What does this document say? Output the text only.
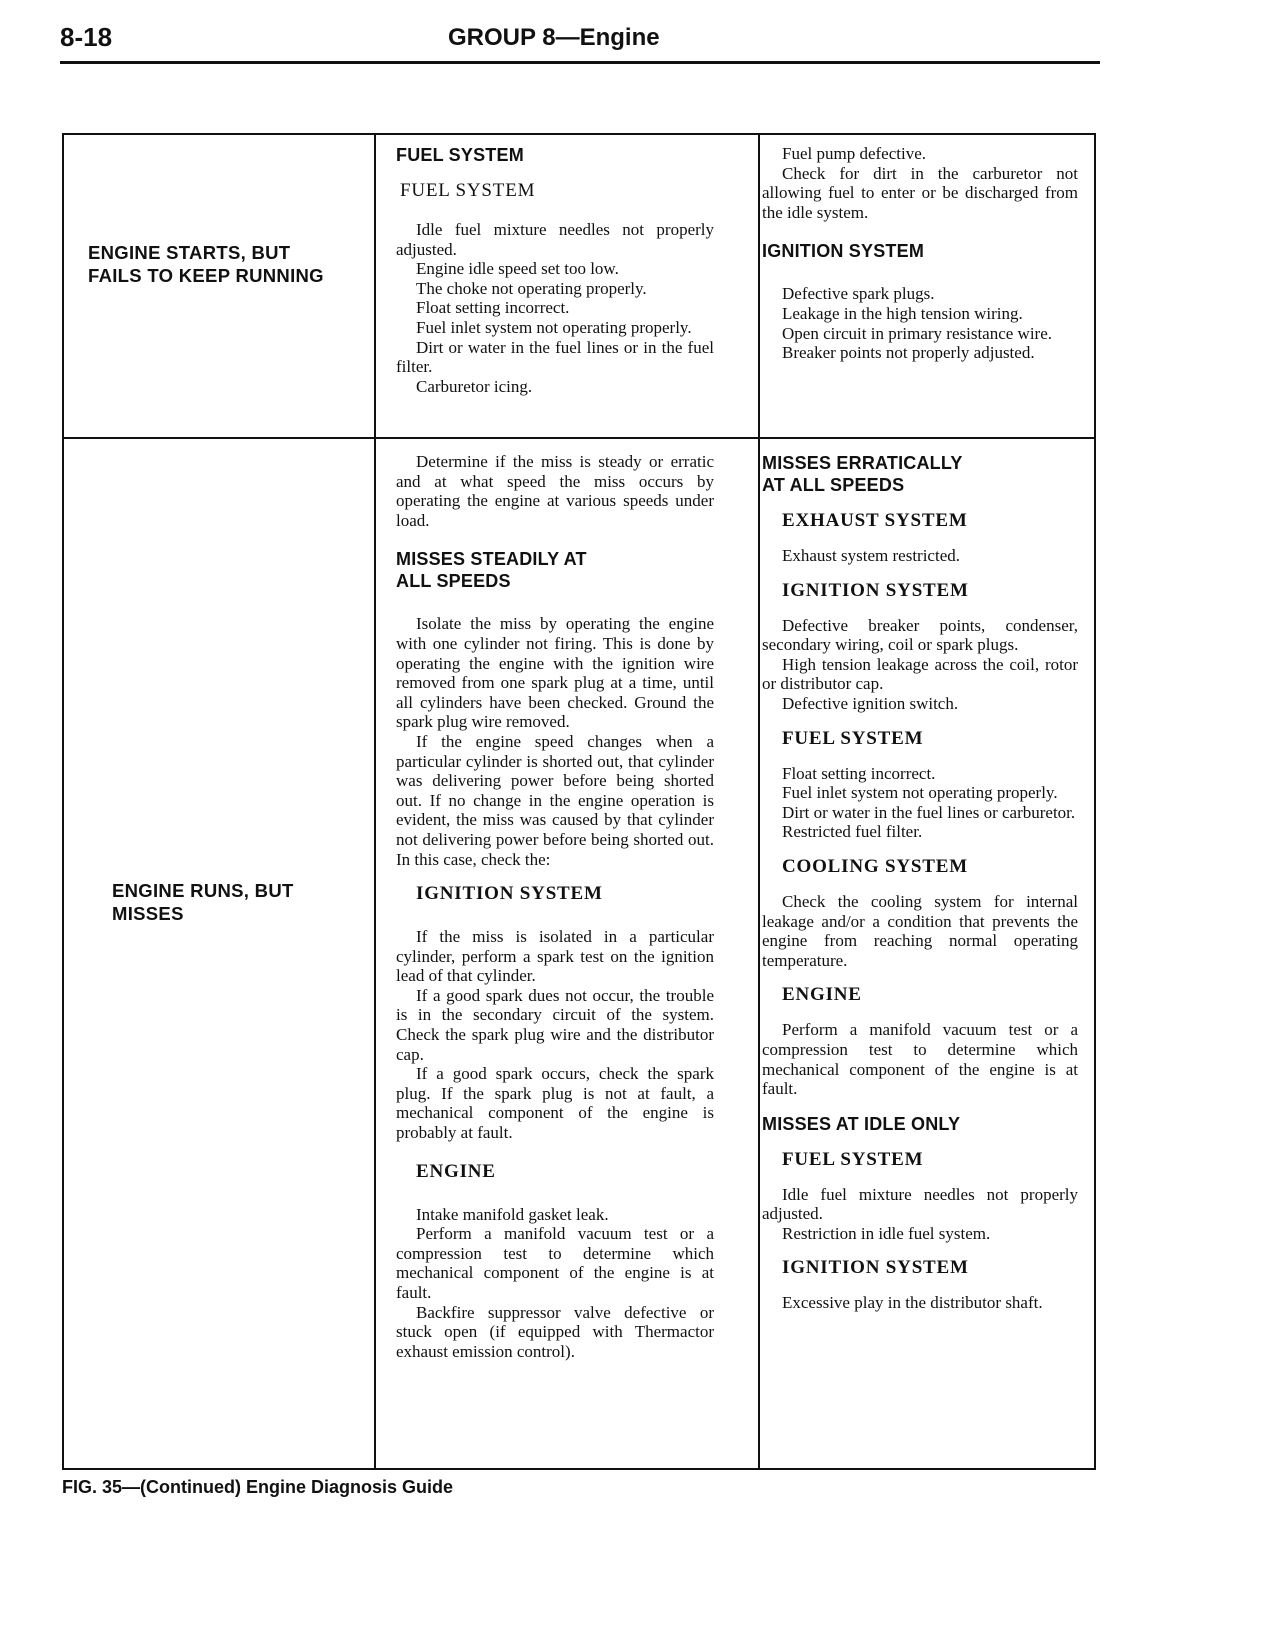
8-18	GROUP 8—Engine
ENGINE STARTS, BUT
FAILS TO KEEP RUNNING
FUEL SYSTEM
FUEL SYSTEM

Idle fuel mixture needles not properly adjusted.

Engine idle speed set too low.

The choke not operating properly.

Float setting incorrect.

Fuel inlet system not operating properly.

Dirt or water in the fuel lines or in the fuel filter.

Carburetor icing.

Fuel pump defective.

Check for dirt in the carburetor not allowing fuel to enter or be discharged from the idle system.

IGNITION SYSTEM

Defective spark plugs.

Leakage in the high tension wiring.

Open circuit in primary resistance wire.

Breaker points not properly adjusted.

ENGINE RUNS, BUT
MISSES

Determine if the miss is steady or erratic and at what speed the miss occurs by operating the engine at various speeds under load.

MISSES STEADILY AT ALL SPEEDS

Isolate the miss by operating the engine with one cylinder not firing. This is done by operating the engine with the ignition wire removed from one spark plug at a time, until all cylinders have been checked. Ground the spark plug wire removed.

If the engine speed changes when a particular cylinder is shorted out, that cylinder was delivering power before being shorted out. If no change in the engine operation is evident, the miss was caused by that cylinder not delivering power before being shorted out. In this case, check the:

IGNITION SYSTEM

If the miss is isolated in a particular cylinder, perform a spark test on the ignition lead of that cylinder.

If a good spark dues not occur, the trouble is in the secondary circuit of the system. Check the spark plug wire and the distributor cap.

If a good spark occurs, check the spark plug. If the spark plug is not at fault, a mechanical component of the engine is probably at fault.

ENGINE

Intake manifold gasket leak.

Perform a manifold vacuum test or a compression test to determine which mechanical component of the engine is at fault.

Backfire suppressor valve defective or stuck open (if equipped with Thermactor exhaust emission control).

MISSES ERRATICALLY AT ALL SPEEDS
EXHAUST SYSTEM

Exhaust system restricted.

IGNITION SYSTEM

Defective breaker points, condenser, secondary wiring, coil or spark plugs.

High tension leakage across the coil, rotor or distributor cap.

Defective ignition switch.

FUEL SYSTEM

Float setting incorrect.

Fuel inlet system not operating properly.

Dirt or water in the fuel lines or carburetor.

Restricted fuel filter.

COOLING SYSTEM

Check the cooling system for internal leakage and/or a condition that prevents the engine from reaching normal operating temperature.

ENGINE

Perform a manifold vacuum test or a compression test to determine which mechanical component of the engine is at fault.

MISSES AT IDLE ONLY
FUEL SYSTEM

Idle fuel mixture needles not properly adjusted.

Restriction in idle fuel system.

IGNITION SYSTEM

Excessive play in the distributor shaft.

FIG. 35—(Continued) Engine Diagnosis Guide
